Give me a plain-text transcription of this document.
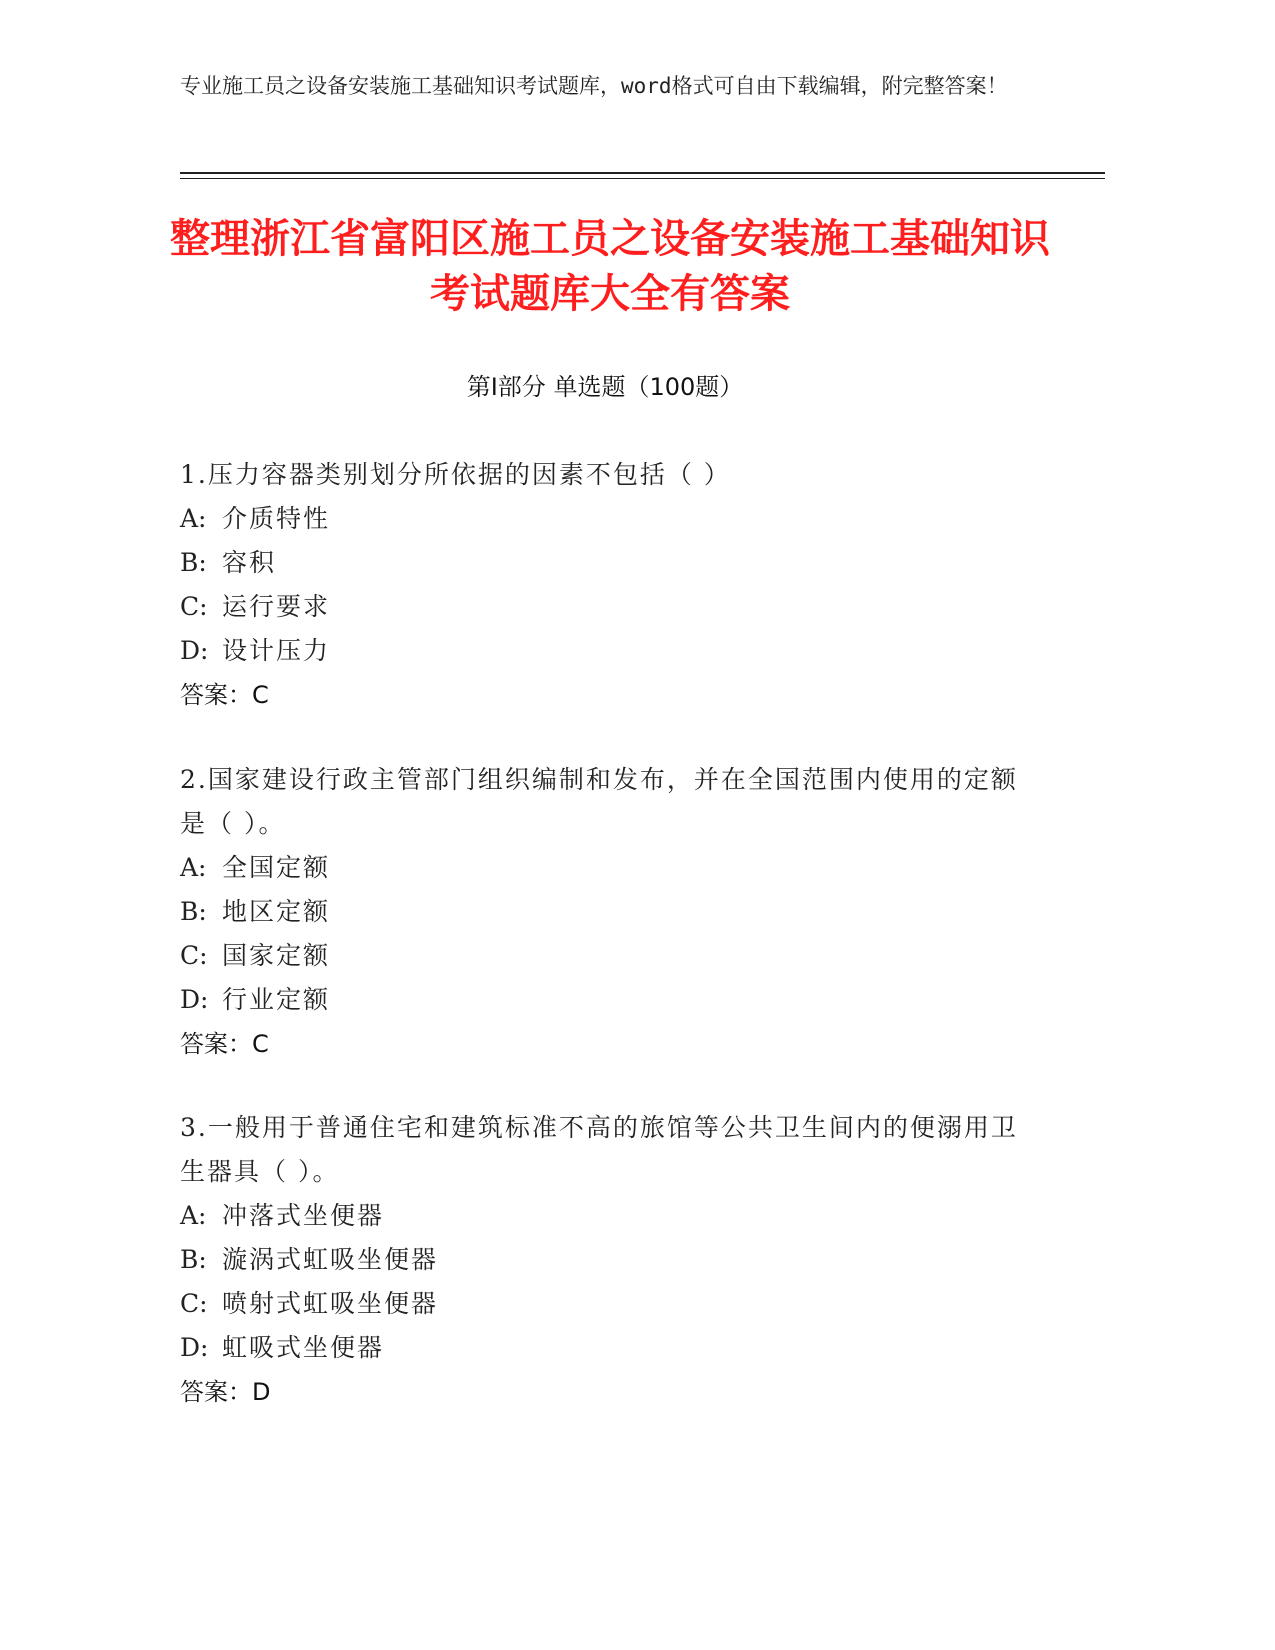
专业施工员之设备安装施工基础知识考试题库，word格式可自由下载编辑，附完整答案！
整理浙江省富阳区施工员之设备安装施工基础知识考试题库大全有答案
第Ⅰ部分 单选题（100题）
1.压力容器类别划分所依据的因素不包括（ ）
A: 介质特性
B: 容积
C: 运行要求
D: 设计压力
答案：C
2.国家建设行政主管部门组织编制和发布，并在全国范围内使用的定额是（ ）。
A: 全国定额
B: 地区定额
C: 国家定额
D: 行业定额
答案：C
3.一般用于普通住宅和建筑标准不高的旅馆等公共卫生间内的便溺用卫生器具（ ）。
A: 冲落式坐便器
B: 漩涡式虹吸坐便器
C: 喷射式虹吸坐便器
D: 虹吸式坐便器
答案：D
